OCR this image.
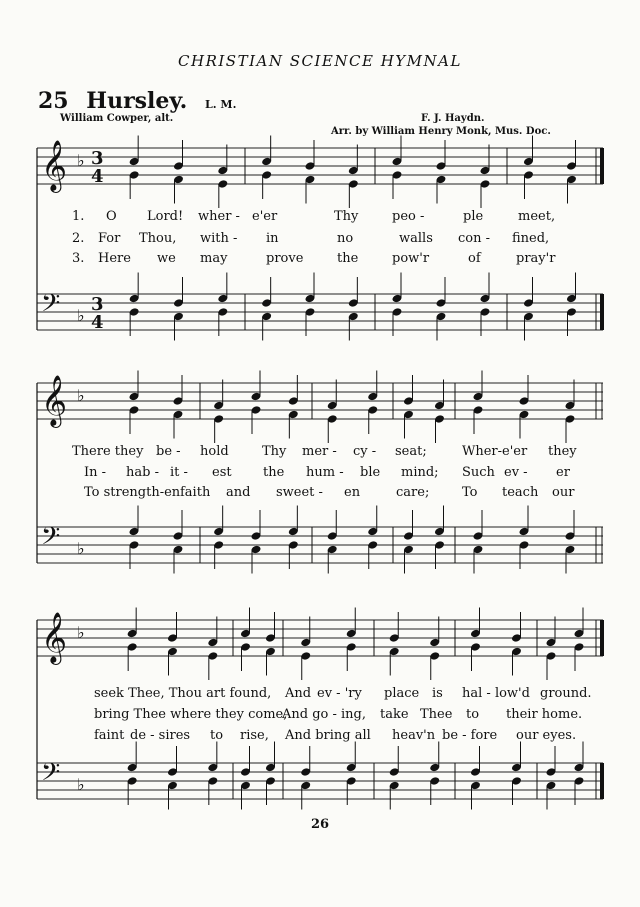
CHRISTIAN SCIENCE HYMNAL
25 Hursley. L. M.
William Cowper, alt.	F. J. Haydn.
Arr. by William Henry Monk, Mus. Doc.
𝄞 ♭ 3
4
𝄢 ♭
3
4
𝄞 ♭
𝄢 ♭
𝄞 ♭
𝄢 ♭
1. O Lord! wher - e'er	Thy	peo -	ple	meet,
2. For Thou, with - in	no	walls con - fined,
3. Here we may	prove	the	pow'r	of	pray'r
There they be - hold	Thy mer - cy - seat;	Wher-e'er they
In - hab - it - est the hum - ble mind; Such ev - er
To strength-en faith and sweet - en	care;	To teach our
seek Thee, Thou art found, And ev - 'ry place is hal - low'd ground.
bring Thee where they come,
And go - ing, take Thee to their home.
faint de - sires to rise, And bring all heav'n be - fore our eyes.
26
